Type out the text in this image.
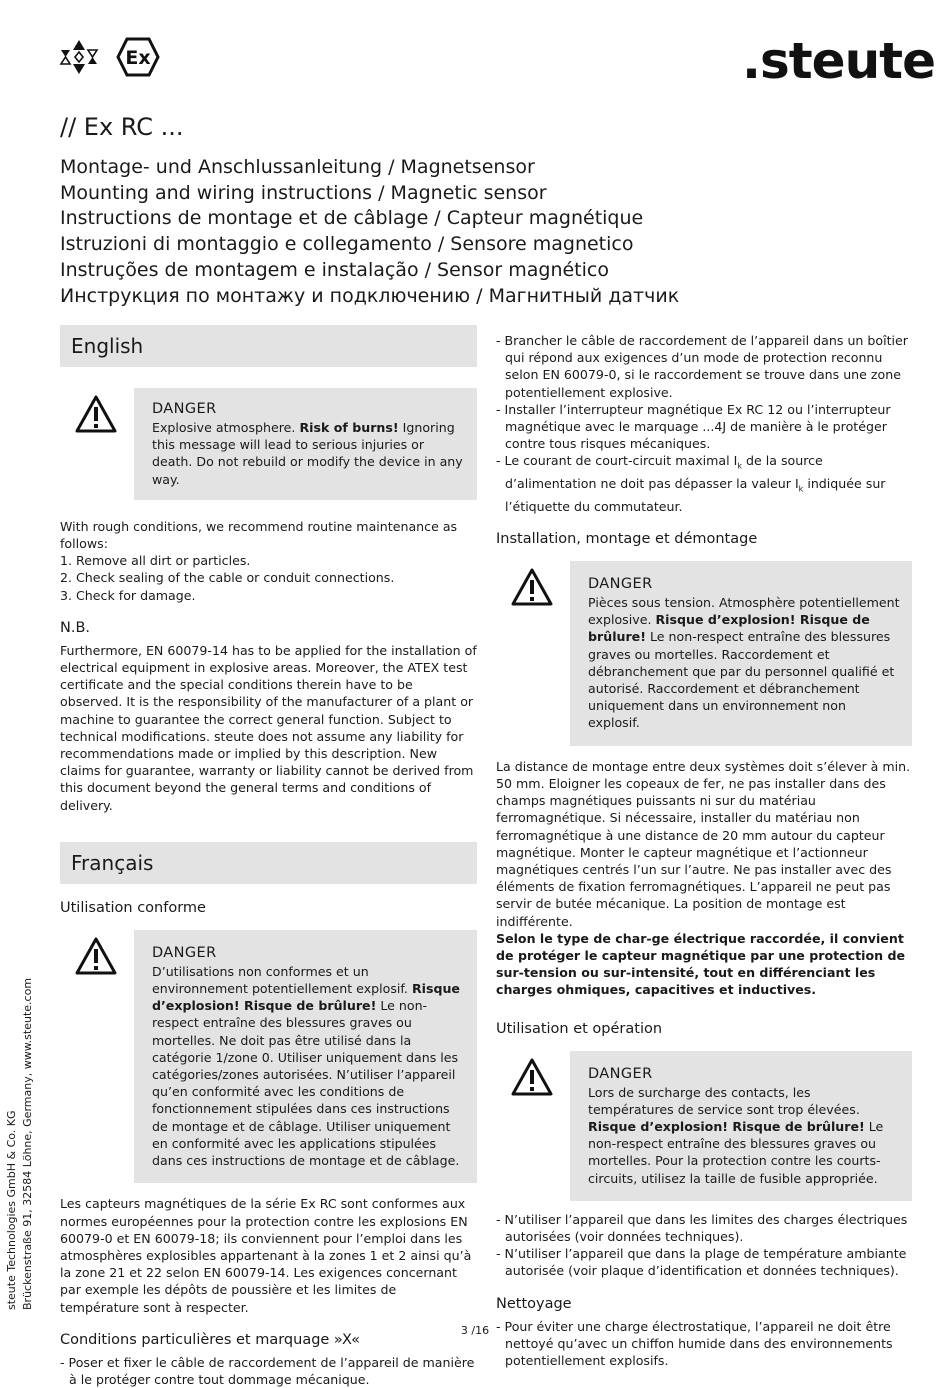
Ex	.steute
// Ex RC ...
Montage- und Anschlussanleitung / Magnetsensor
Mounting and wiring instructions / Magnetic sensor
Instructions de montage et de câblage / Capteur magnétique
Istruzioni di montaggio e collegamento / Sensore magnetico
Instruções de montagem e instalação / Sensor magnético
Инструкция по монтажу и подключению / Магнитный датчик
English
DANGER
Explosive atmosphere. Risk of burns! Ignoring this message will lead to serious injuries or death. Do not rebuild or modify the device in any way.
With rough conditions, we recommend routine maintenance as follows:
1. Remove all dirt or particles.
2. Check sealing of the cable or conduit connections.
3. Check for damage.
N.B.
Furthermore, EN 60079-14 has to be applied for the installation of electrical equipment in explosive areas. Moreover, the ATEX test certificate and the special conditions therein have to be observed. It is the responsibility of the manufacturer of a plant or machine to guarantee the correct general function. Subject to technical modifications. steute does not assume any liability for recommendations made or implied by this description. New claims for guarantee, warranty or liability cannot be derived from this document beyond the general terms and conditions of delivery.
Français
Utilisation conforme
DANGER
D’utilisations non conformes et un environnement potentiellement explosif. Risque d’explosion! Risque de brûlure! Le non-respect entraîne des blessures graves ou mortelles. Ne doit pas être utilisé dans la catégorie 1/zone 0. Utiliser uniquement dans les catégories/zones autorisées. N’utiliser l’appareil qu’en conformité avec les conditions de fonctionnement stipulées dans ces instructions de montage et de câblage. Utiliser uniquement en conformité avec les applications stipulées dans ces instructions de montage et de câblage.
Les capteurs magnétiques de la série Ex RC sont conformes aux normes européennes pour la protection contre les explosions EN 60079-0 et EN 60079-18; ils conviennent pour l’emploi dans les atmosphères explosibles appartenant à la zones 1 et 2 ainsi qu’à la zone 21 et 22 selon EN 60079-14. Les exigences concernant par exemple les dépôts de poussière et les limites de température sont à respecter.
Conditions particulières et marquage »X«
- Poser et fixer le câble de raccordement de l’appareil de manière à le protéger contre tout dommage mécanique.
- Brancher le câble de raccordement de l’appareil dans un boîtier qui répond aux exigences d’un mode de protection reconnu selon EN 60079-0, si le raccordement se trouve dans une zone potentiellement explosive.
- Installer l’interrupteur magnétique Ex RC 12 ou l’interrupteur magnétique avec le marquage ...4J de manière à le protéger contre tous risques mécaniques.
- Le courant de court-circuit maximal $I_k$ de la source d’alimentation ne doit pas dépasser la valeur $I_k$ indiquée sur l’étiquette du commutateur.
Installation, montage et démontage
DANGER
Pièces sous tension. Atmosphère potentiellement explosive. Risque d’explosion! Risque de brûlure! Le non-respect entraîne des blessures graves ou mortelles. Raccordement et débranchement que par du personnel qualifié et autorisé. Raccordement et débranchement uniquement dans un environnement non explosif.
La distance de montage entre deux systèmes doit s’élever à min. 50 mm. Eloigner les copeaux de fer, ne pas installer dans des champs magnétiques puissants ni sur du matériau ferromagnétique. Si nécessaire, installer du matériau non ferromagnétique à une distance de 20 mm autour du capteur magnétique. Monter le capteur magnétique et l’actionneur magnétiques centrés l’un sur l’autre. Ne pas installer avec des éléments de fixation ferromagnétiques. L’appareil ne peut pas servir de butée mécanique. La position de montage est indifférente.
Selon le type de char-ge électrique raccordée, il convient de protéger le capteur magnétique par une protection de sur-tension ou sur-intensité, tout en différenciant les charges ohmiques, capacitives et inductives.
Utilisation et opération
DANGER
Lors de surcharge des contacts, les températures de service sont trop élevées. Risque d’explosion! Risque de brûlure! Le non-respect entraîne des blessures graves ou mortelles. Pour la protection contre les courts-circuits, utilisez la taille de fusible appropriée.
- N’utiliser l’appareil que dans les limites des charges électriques autorisées (voir données techniques).
- N’utiliser l’appareil que dans la plage de température ambiante autorisée (voir plaque d’identification et données techniques).
Nettoyage
- Pour éviter une charge électrostatique, l’appareil ne doit être nettoyé qu’avec un chiffon humide dans des environnements potentiellement explosifs.
steute Technologies GmbH & Co. KG Brückenstraße 91, 32584 Löhne, Germany, www.steute.com
3 /16
